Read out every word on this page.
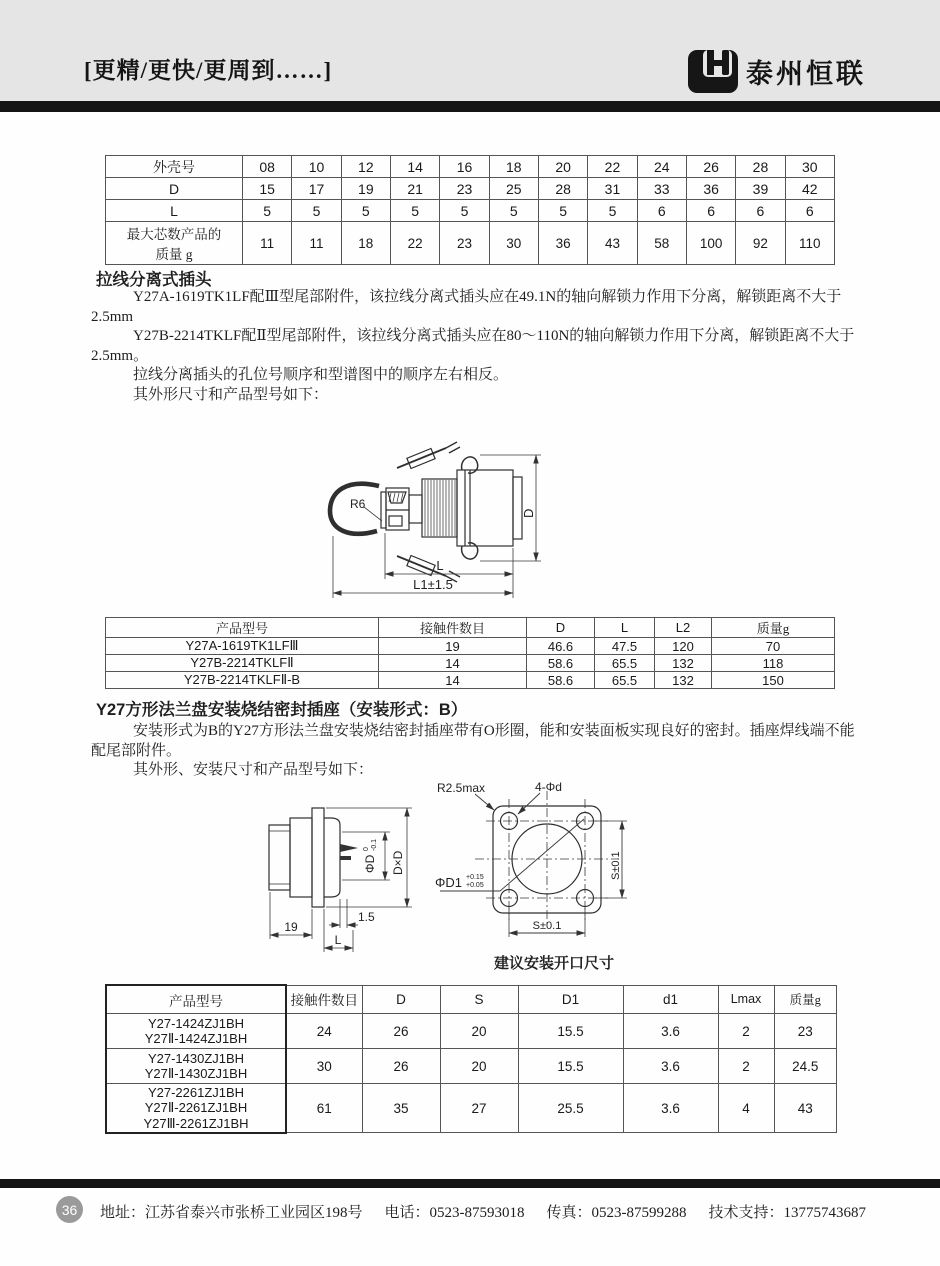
[更精/更快/更周到……]	泰州恒联
外壳号	08	10	12	14	16	18	20	22	24	26	28	30
D	15	17	19	21	23	25	28	31	33	36	39	42
L	5	5	5	5	5	5	5	5	6	6	6	6

最大芯数产品的
质量 g	11	11	18	22	23	30	36	43	58	100	92	110
拉线分离式插头

Y27A-1619TK1LF配Ⅲ型尾部附件，该拉线分离式插头应在49.1N的轴向解锁力作用下分离，解锁距离不大于2.5mm

Y27B-2214TKLF配Ⅱ型尾部附件，该拉线分离式插头应在80～110N的轴向解锁力作用下分离，解锁距离不大于2.5mm。

拉线分离插头的孔位号顺序和型谱图中的顺序左右相反。

其外形尺寸和产品型号如下：

R6
D
L
L1±1.5
产品型号	接触件数目	D	L	L2	质量g
Y27A-1619TK1LFⅢ	19	46.6	47.5	120	70
Y27B-2214TKLFⅡ	14	58.6	65.5	132	118
Y27B-2214TKLFⅡ-B	14	58.6	65.5	132	150
Y27方形法兰盘安装烧结密封插座（安装形式：B）

安装形式为B的Y27方形法兰盘安装烧结密封插座带有O形圈，能和安装面板实现良好的密封。插座焊线端不能配尾部附件。

其外形、安装尺寸和产品型号如下：

ΦD
0 -0.1
D×D
1.5
19
L
R2.5max	4-Φd
ΦD1 +0.15
+0.05
S±0.1
S±0.1
建议安装开口尺寸
产品型号	接触件数目	D	S	D1	d1	Lmax	质量g

Y27-1424ZJ1BH
Y27Ⅱ-1424ZJ1BH	24	26	20	15.5	3.6	2	23

Y27-1430ZJ1BH
Y27Ⅱ-1430ZJ1BH	30	26	20	15.5	3.6	2	24.5

Y27-2261ZJ1BH
Y27Ⅱ-2261ZJ1BH
Y27Ⅲ-2261ZJ1BH	61	35	27	25.5	3.6	4	43
36 地址：江苏省泰兴市张桥工业园区198号 电话：0523-87593018 传真：0523-87599288 技术支持：13775743687
